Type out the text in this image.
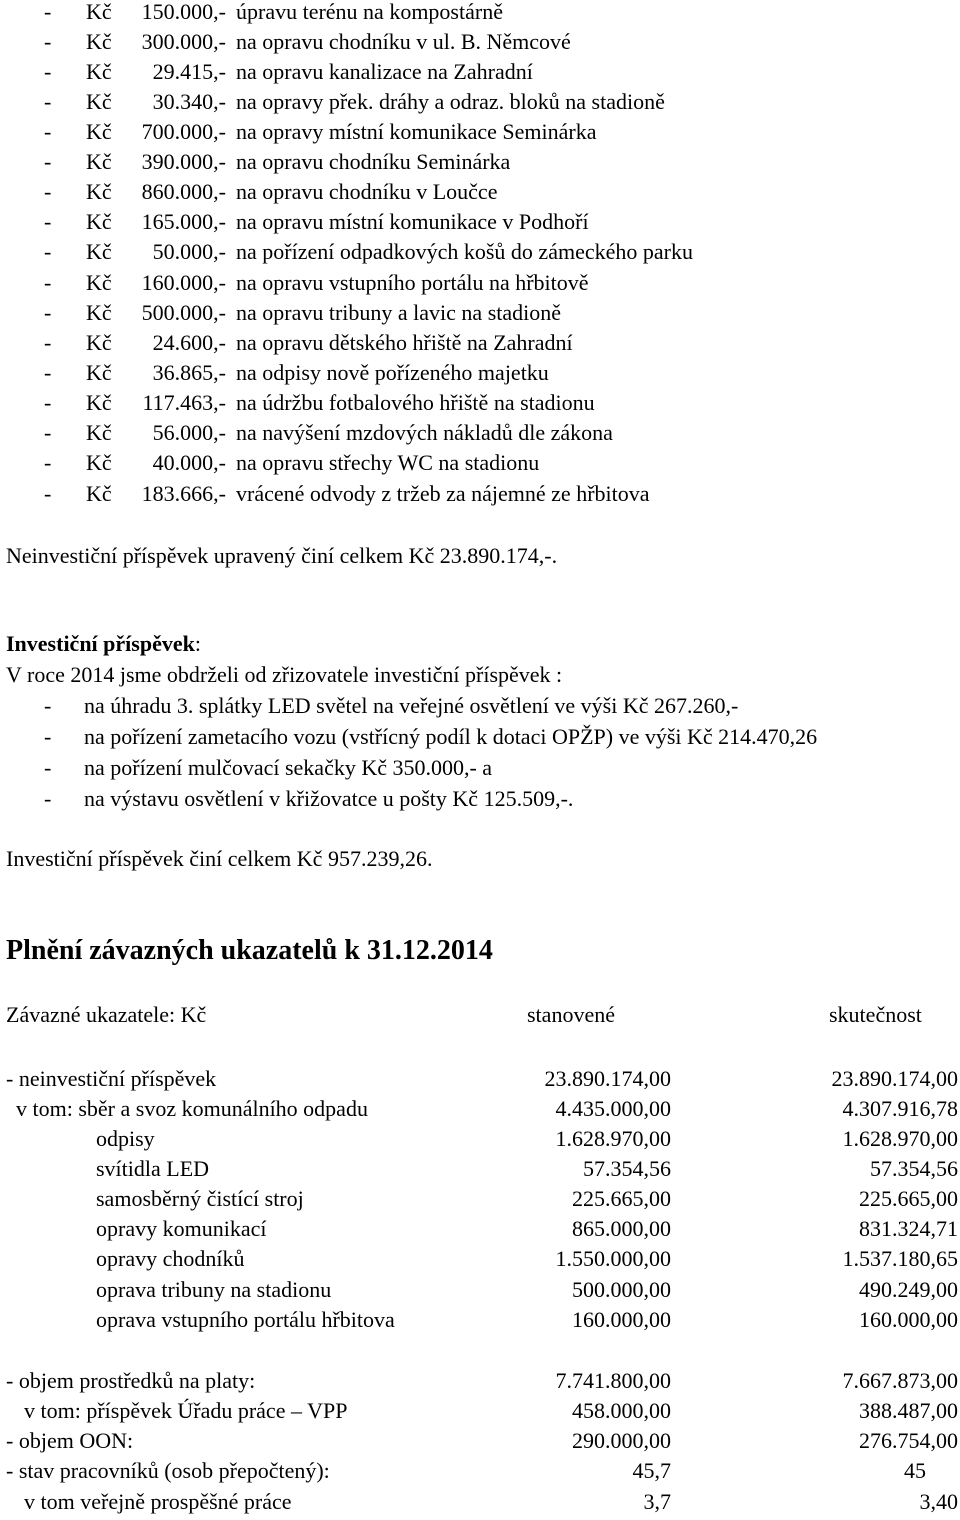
- Kč	150.000,- úpravu terénu na kompostárně
- Kč	300.000,- na opravu chodníku v ul. B. Němcové
- Kč	29.415,- na opravu kanalizace na Zahradní
- Kč	30.340,- na opravy přek. dráhy a odraz. bloků na stadioně
- Kč	700.000,- na opravy místní komunikace Seminárka
- Kč	390.000,- na opravu chodníku Seminárka
- Kč	860.000,- na opravu chodníku v Loučce
- Kč	165.000,- na opravu místní komunikace v Podhoří
- Kč	50.000,- na pořízení odpadkových košů do zámeckého parku
- Kč	160.000,- na opravu vstupního portálu na hřbitově
- Kč	500.000,- na opravu tribuny a lavic na stadioně
- Kč	24.600,- na opravu dětského hřiště na Zahradní
- Kč	36.865,- na odpisy nově pořízeného majetku
- Kč	117.463,- na údržbu fotbalového hřiště na stadionu
- Kč	56.000,- na navýšení mzdových nákladů dle zákona
- Kč	40.000,- na opravu střechy WC na stadionu
- Kč	183.666,- vrácené odvody z tržeb za nájemné ze hřbitova
Neinvestiční příspěvek upravený činí celkem Kč 23.890.174,-.
Investiční příspěvek:
V roce 2014 jsme obdrželi od zřizovatele investiční příspěvek :
- na úhradu 3. splátky LED světel na veřejné osvětlení ve výši Kč 267.260,-
- na pořízení zametacího vozu (vstřícný podíl k dotaci OPŽP) ve výši Kč 214.470,26
- na pořízení mulčovací sekačky Kč 350.000,- a
- na výstavu osvětlení v křižovatce u pošty Kč 125.509,-.
Investiční příspěvek činí celkem Kč 957.239,26.
Plnění závazných ukazatelů k 31.12.2014
Závazné ukazatele: Kč	stanovené	skutečnost
- neinvestiční příspěvek	23.890.174,00	23.890.174,00
v tom: sběr a svoz komunálního odpadu	4.435.000,00	4.307.916,78
odpisy	1.628.970,00	1.628.970,00
svítidla LED	57.354,56	57.354,56
samosběrný čistící stroj	225.665,00	225.665,00
opravy komunikací	865.000,00	831.324,71
opravy chodníků	1.550.000,00	1.537.180,65
oprava tribuny na stadionu	500.000,00	490.249,00
oprava vstupního portálu hřbitova	160.000,00	160.000,00
- objem prostředků na platy:	7.741.800,00	7.667.873,00
v tom: příspěvek Úřadu práce – VPP	458.000,00	388.487,00
- objem OON:	290.000,00	276.754,00
- stav pracovníků (osob přepočtený):	45,7	45
v tom veřejně prospěšné práce	3,7	3,40
